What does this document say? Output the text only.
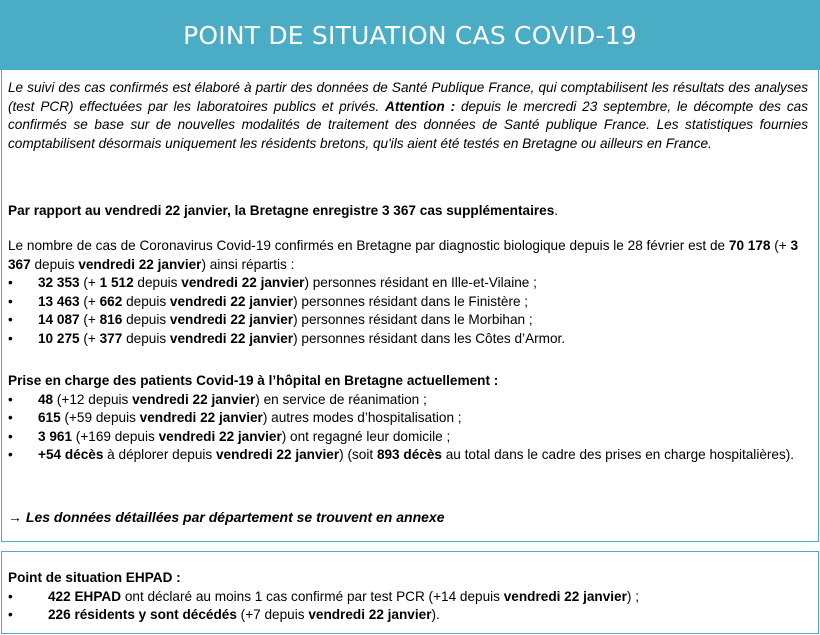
POINT DE SITUATION CAS COVID-19

Le suivi des cas confirmés est élaboré à partir des données de Santé Publique France, qui comptabilisent les résultats des analyses (test PCR) effectuées par les laboratoires publics et privés. Attention : depuis le mercredi 23 septembre, le décompte des cas confirmés se base sur de nouvelles modalités de traitement des données de Santé publique France. Les statistiques fournies comptabilisent désormais uniquement les résidents bretons, qu'ils aient été testés en Bretagne ou ailleurs en France.

Par rapport au vendredi 22 janvier, la Bretagne enregistre 3 367 cas supplémentaires.

Le nombre de cas de Coronavirus Covid-19 confirmés en Bretagne par diagnostic biologique depuis le 28 février est de 70 178 (+ 3 367 depuis vendredi 22 janvier) ainsi répartis :

• 32 353 (+ 1 512 depuis vendredi 22 janvier) personnes résidant en Ille-et-Vilaine ;
• 13 463 (+ 662 depuis vendredi 22 janvier) personnes résidant dans le Finistère ;
• 14 087 (+ 816 depuis vendredi 22 janvier) personnes résidant dans le Morbihan ;
• 10 275 (+ 377 depuis vendredi 22 janvier) personnes résidant dans les Côtes d’Armor.

Prise en charge des patients Covid-19 à l’hôpital en Bretagne actuellement :

• 48 (+12 depuis vendredi 22 janvier) en service de réanimation ;
• 615 (+59 depuis vendredi 22 janvier) autres modes d’hospitalisation ;
• 3 961 (+169 depuis vendredi 22 janvier) ont regagné leur domicile ;
• +54 décès à déplorer depuis vendredi 22 janvier) (soit 893 décès au total dans le cadre des prises en charge hospitalières).

→ Les données détaillées par département se trouvent en annexe

Point de situation EHPAD :

•	422 EHPAD ont déclaré au moins 1 cas confirmé par test PCR (+14 depuis vendredi 22 janvier) ;
•	226 résidents y sont décédés (+7 depuis vendredi 22 janvier).
